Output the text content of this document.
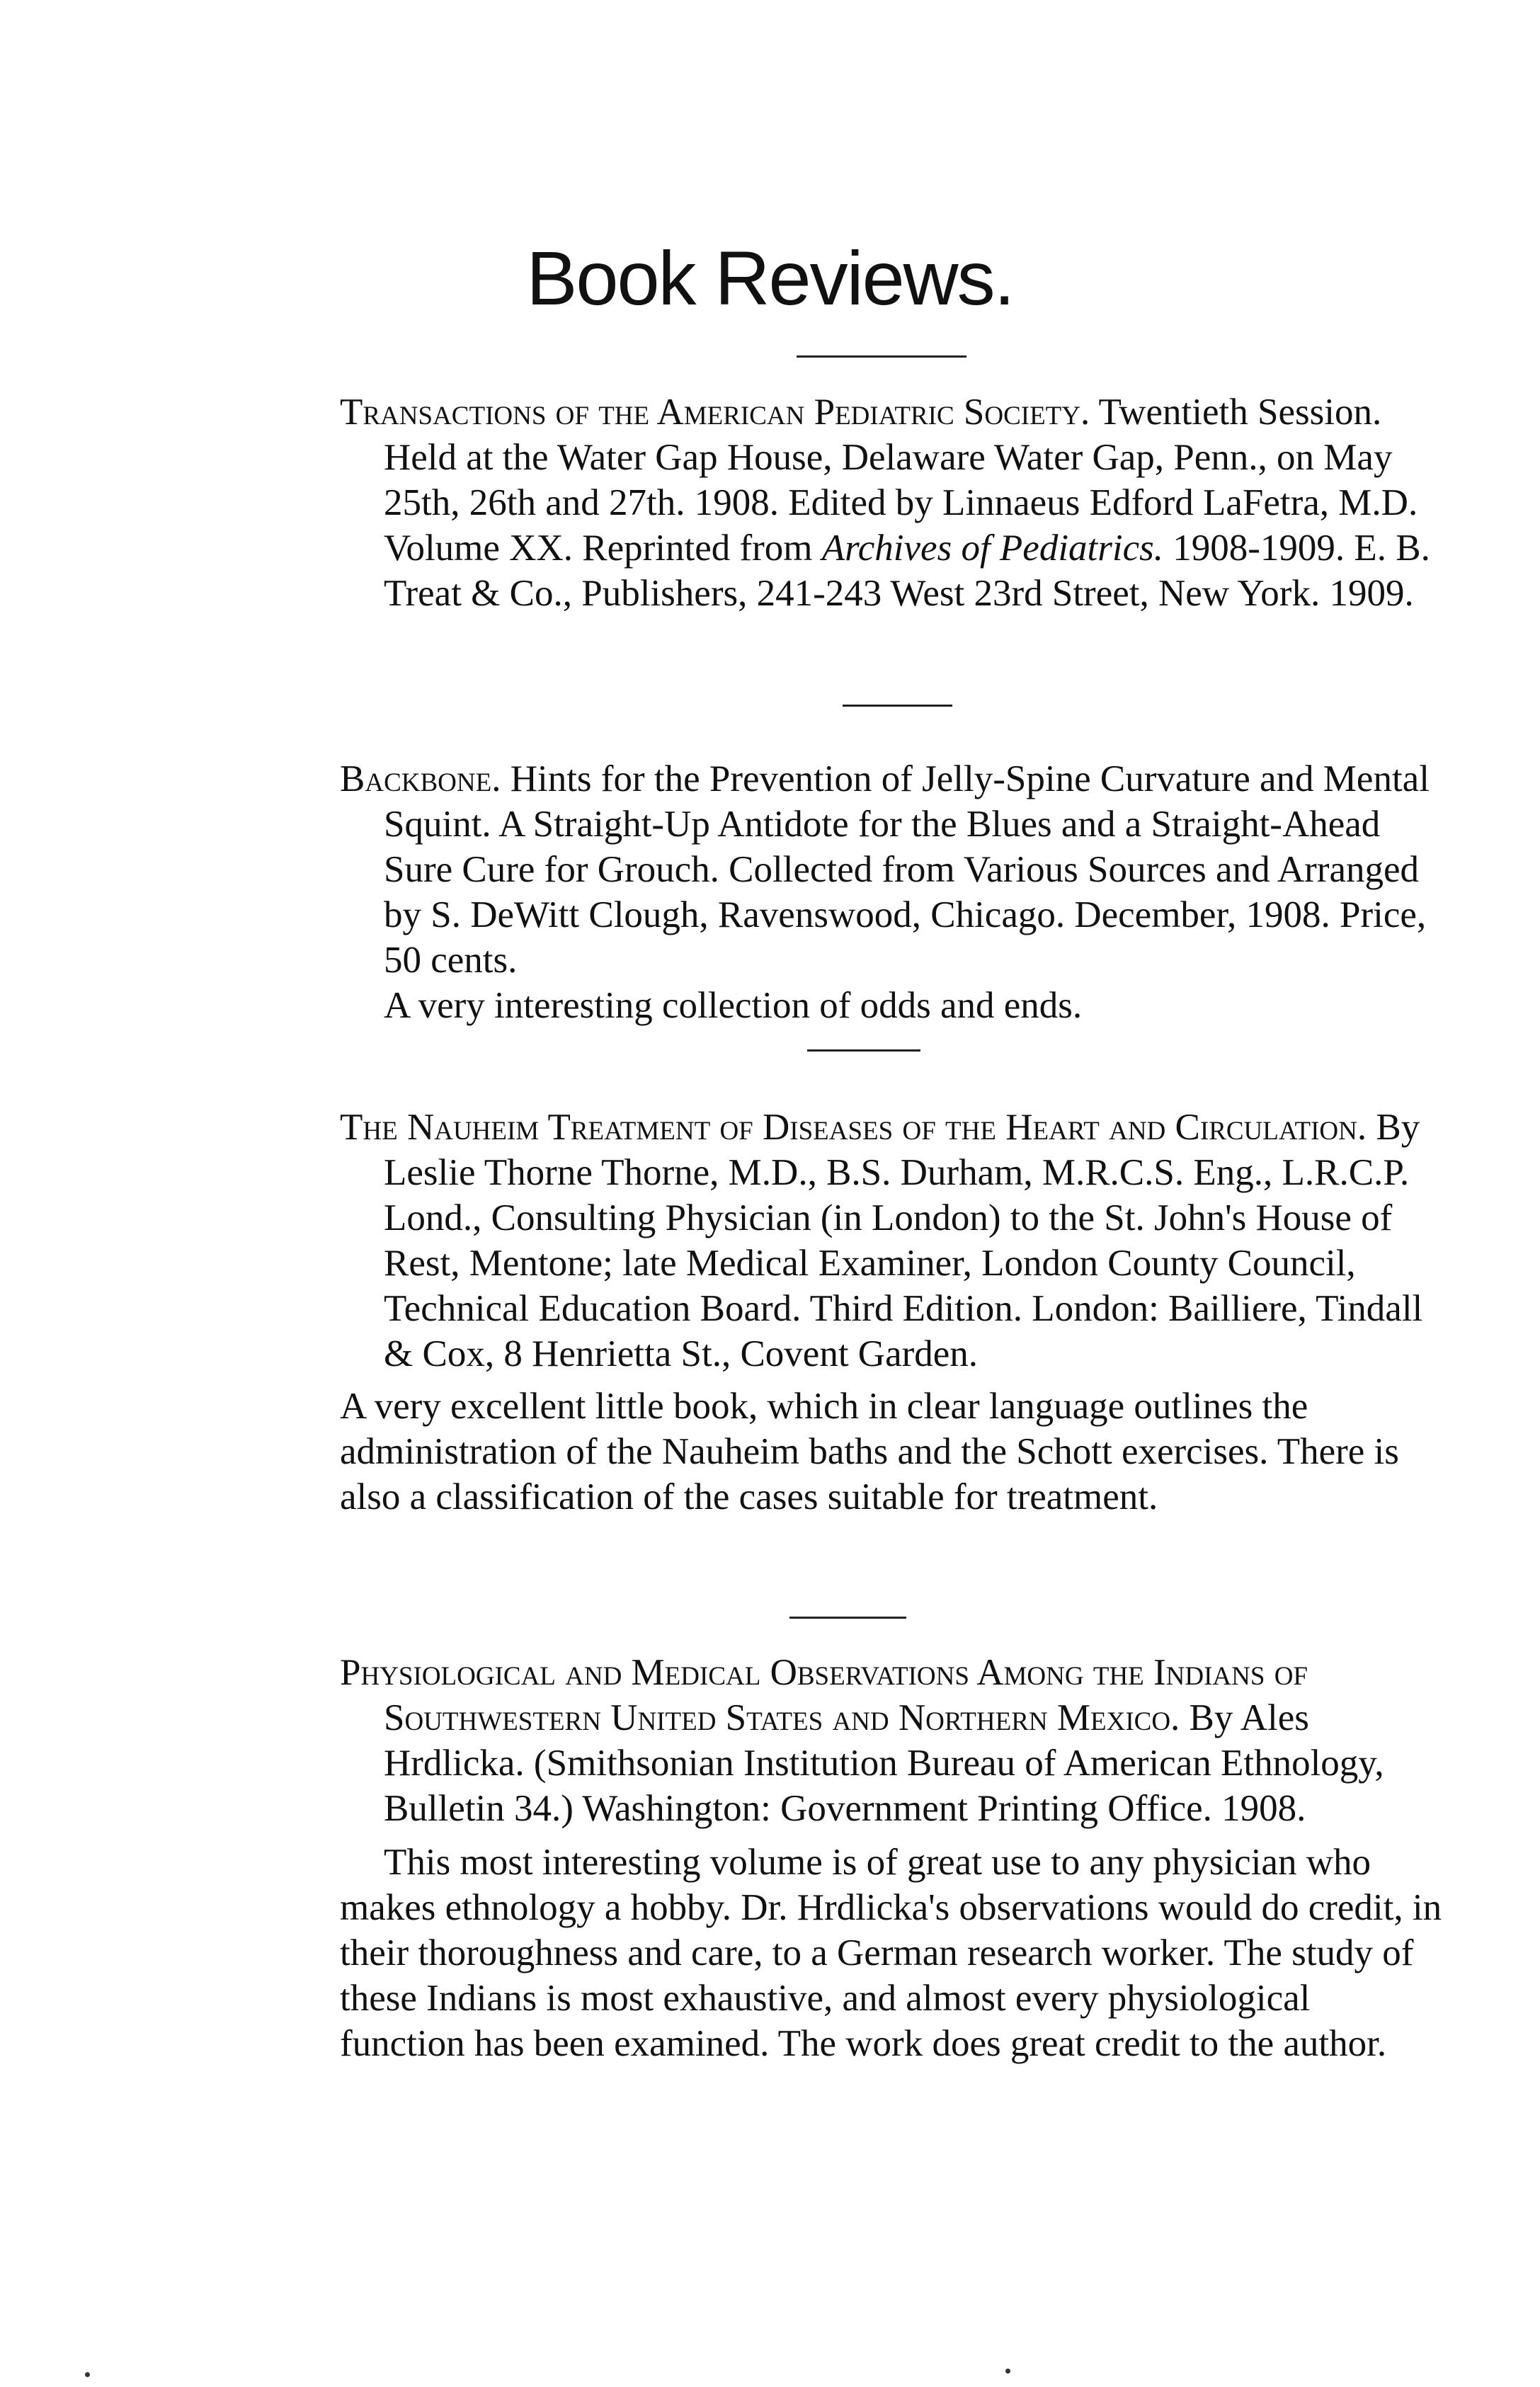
Book Reviews.

Transactions of the American Pediatric Society. Twentieth Session. Held at the Water Gap House, Delaware Water Gap, Penn., on May 25th, 26th and 27th. 1908. Edited by Linnaeus Edford LaFetra, M.D. Volume XX. Reprinted from Archives of Pediatrics. 1908-1909. E. B. Treat & Co., Publishers, 241-243 West 23rd Street, New York. 1909.

Backbone. Hints for the Prevention of Jelly-Spine Curvature and Mental Squint. A Straight-Up Antidote for the Blues and a Straight-Ahead Sure Cure for Grouch. Collected from Various Sources and Arranged by S. DeWitt Clough, Ravenswood, Chicago. December, 1908. Price, 50 cents.

A very interesting collection of odds and ends.

The Nauheim Treatment of Diseases of the Heart and Circulation. By Leslie Thorne Thorne, M.D., B.S. Durham, M.R.C.S. Eng., L.R.C.P. Lond., Consulting Physician (in London) to the St. John's House of Rest, Mentone; late Medical Examiner, London County Council, Technical Education Board. Third Edition. London: Bailliere, Tindall & Cox, 8 Henrietta St., Covent Garden.

A very excellent little book, which in clear language outlines the administration of the Nauheim baths and the Schott exercises. There is also a classification of the cases suitable for treatment.

Physiological and Medical Observations Among the Indians of Southwestern United States and Northern Mexico. By Ales Hrdlicka. (Smithsonian Institution Bureau of American Ethnology, Bulletin 34.) Washington: Government Printing Office. 1908.

This most interesting volume is of great use to any physician who makes ethnology a hobby. Dr. Hrdlicka's observations would do credit, in their thoroughness and care, to a German research worker. The study of these Indians is most exhaustive, and almost every physiological function has been examined. The work does great credit to the author.
